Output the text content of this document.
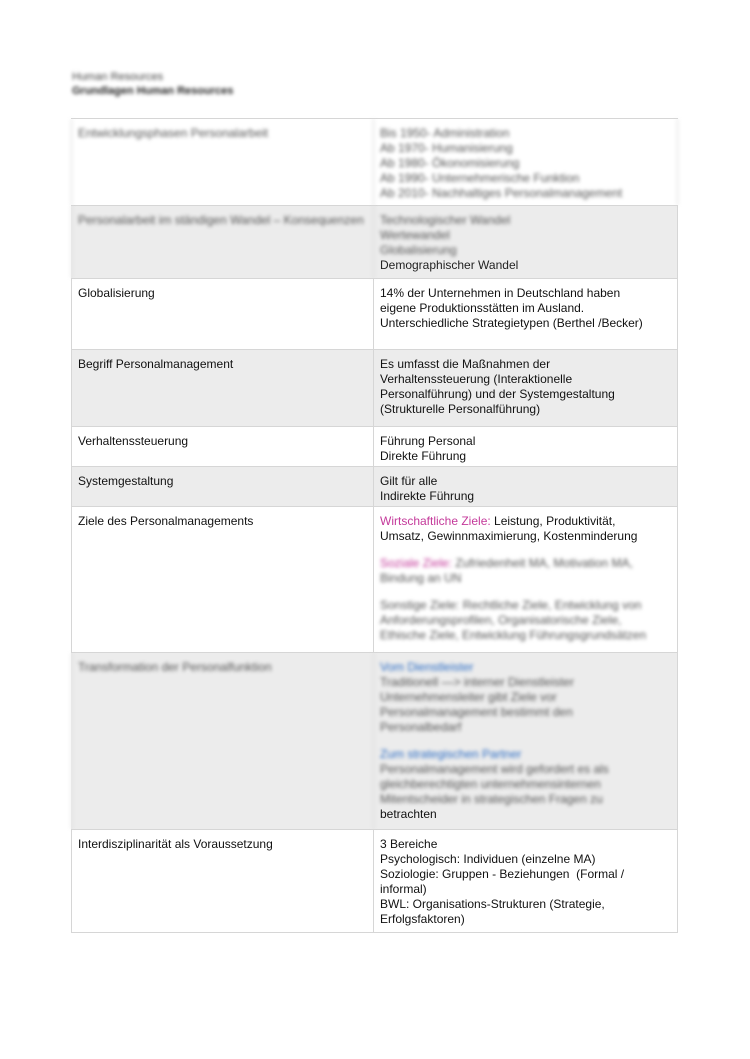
Human Resources
Grundlagen Human Resources
Entwicklungsphasen Personalarbeit	Bis 1950- Administration
Ab 1970- Humanisierung
Ab 1980- Ökonomisierung
Ab 1990- Unternehmerische Funktion
Ab 2010- Nachhaltiges Personalmanagement
Personalarbeit im ständigen Wandel – Konsequenzen	Technologischer Wandel
Wertewandel
Globalisierung
Demographischer Wandel
Globalisierung	14% der Unternehmen in Deutschland haben
eigene Produktionsstätten im Ausland.
Unterschiedliche Strategietypen (Berthel /Becker)
Begriff Personalmanagement	Es umfasst die Maßnahmen der
Verhaltenssteuerung (Interaktionelle
Personalführung) und der Systemgestaltung
(Strukturelle Personalführung)
Verhaltenssteuerung	Führung Personal
Direkte Führung
Systemgestaltung	Gilt für alle
Indirekte Führung
Ziele des Personalmanagements	Wirtschaftliche Ziele: Leistung, Produktivität,
Umsatz, Gewinnmaximierung, Kostenminderung
Soziale Ziele: Zufriedenheit MA, Motivation MA,
Bindung an UN
Sonstige Ziele: Rechtliche Ziele, Entwicklung von
Anforderungsprofilen, Organisatorische Ziele,
Ethische Ziele, Entwicklung Führungsgrundsätzen
Transformation der Personalfunktion	Vom Dienstleister
Traditionell —> interner Dienstleister
Unternehmensleiter gibt Ziele vor
Personalmanagement bestimmt den
Personalbedarf
Zum strategischen Partner
Personalmanagement wird gefordert es als
gleichberechtigten unternehmensinternen
Mitentscheider in strategischen Fragen zu
betrachten
Interdisziplinarität als Voraussetzung	3 Bereiche
Psychologisch: Individuen (einzelne MA)
Soziologie: Gruppen - Beziehungen  (Formal /
informal)
BWL: Organisations-Strukturen (Strategie,
Erfolgsfaktoren)
